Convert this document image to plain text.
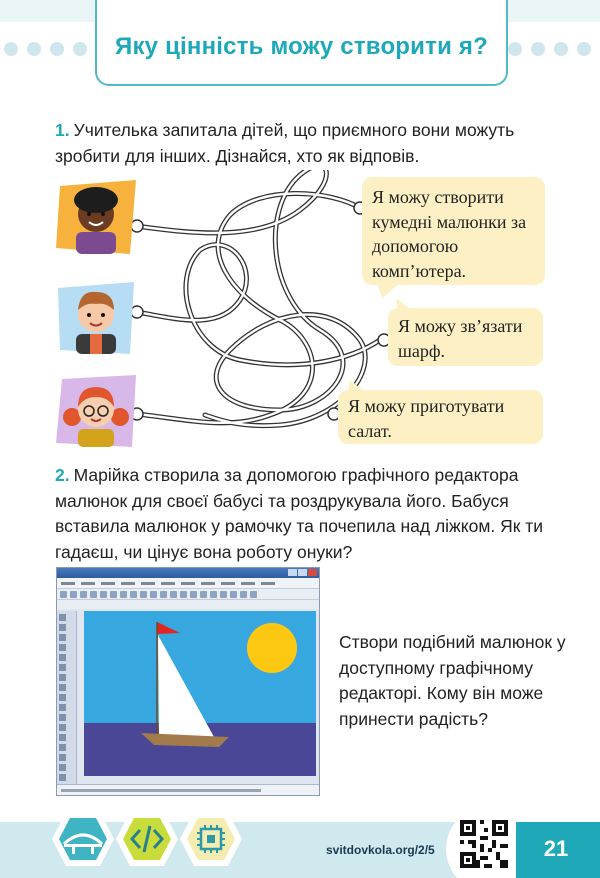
Яку цінність можу створити я?

1. Учителька запитала дітей, що приємного вони можуть зробити для інших. Дізнайся, хто як відповів.

Я можу створити кумедні малюнки за допомогою комп’ютера.
Я можу зв’язати шарф.
Я можу приготувати салат.

2. Марійка створила за допомогою графічного редактора малюнок для своєї бабусі та роздрукувала його. Бабуся вставила малюнок у рамочку та почепила над ліжком. Як ти гадаєш, чи цінує вона роботу онуки?

Створи подібний малюнок у доступному графічному редакторі. Кому він може принести радість?

svitdovkola.org/2/5	21
